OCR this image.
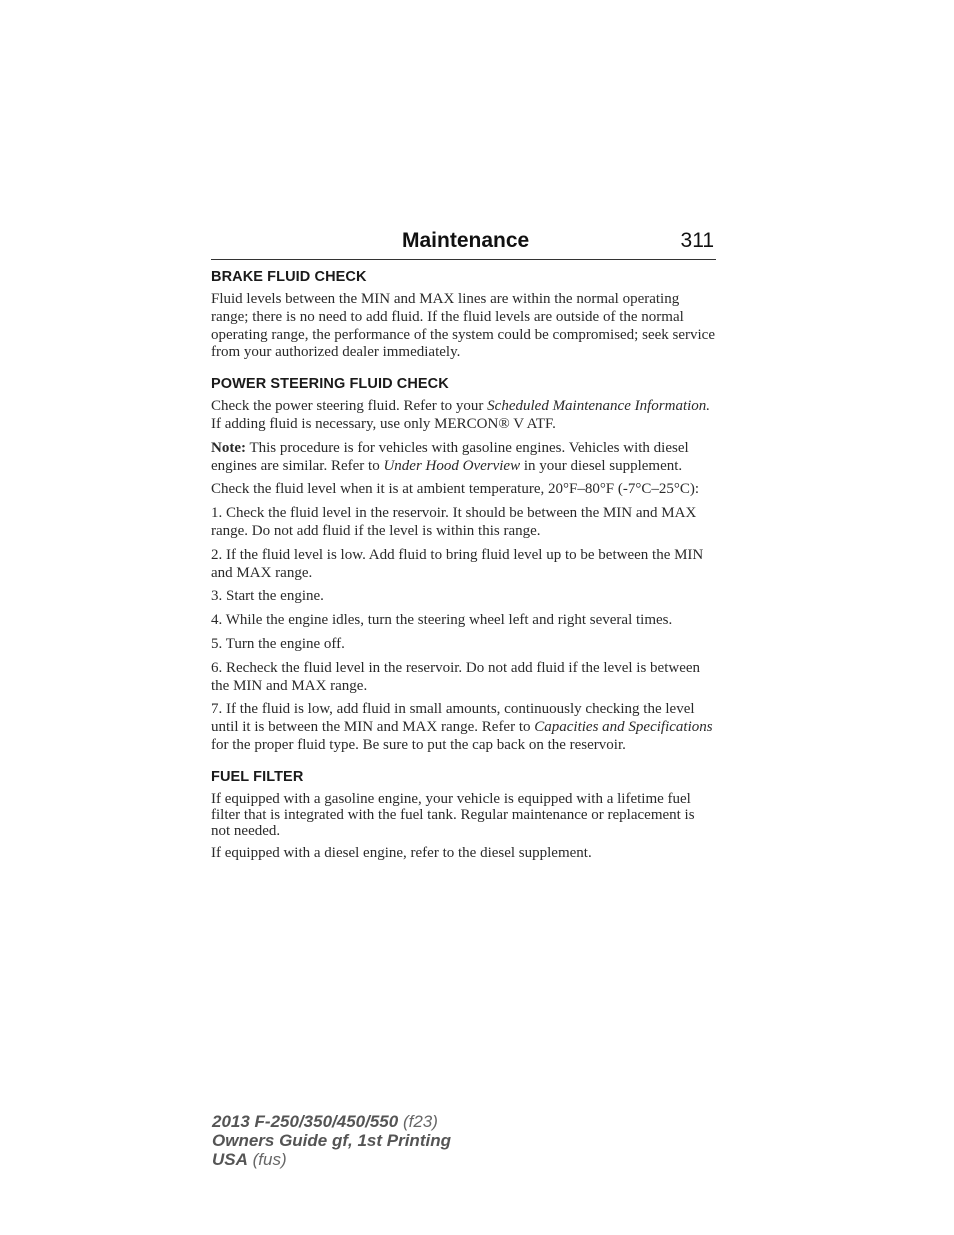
Maintenance	311
BRAKE FLUID CHECK

Fluid levels between the MIN and MAX lines are within the normal operating range; there is no need to add fluid. If the fluid levels are outside of the normal operating range, the performance of the system could be compromised; seek service from your authorized dealer immediately.

POWER STEERING FLUID CHECK

Check the power steering fluid. Refer to your Scheduled Maintenance Information. If adding fluid is necessary, use only MERCON® V ATF.

Note: This procedure is for vehicles with gasoline engines. Vehicles with diesel engines are similar. Refer to Under Hood Overview in your diesel supplement.

Check the fluid level when it is at ambient temperature, 20°F–80°F (-7°C–25°C):

1. Check the fluid level in the reservoir. It should be between the MIN and MAX range. Do not add fluid if the level is within this range.

2. If the fluid level is low. Add fluid to bring fluid level up to be between the MIN and MAX range.

3. Start the engine.

4. While the engine idles, turn the steering wheel left and right several times.

5. Turn the engine off.

6. Recheck the fluid level in the reservoir. Do not add fluid if the level is between the MIN and MAX range.

7. If the fluid is low, add fluid in small amounts, continuously checking the level until it is between the MIN and MAX range. Refer to Capacities and Specifications for the proper fluid type. Be sure to put the cap back on the reservoir.

FUEL FILTER

If equipped with a gasoline engine, your vehicle is equipped with a lifetime fuel filter that is integrated with the fuel tank. Regular maintenance or replacement is not needed.

If equipped with a diesel engine, refer to the diesel supplement.

2013 F-250/350/450/550 (f23)
Owners Guide gf, 1st Printing
USA (fus)
